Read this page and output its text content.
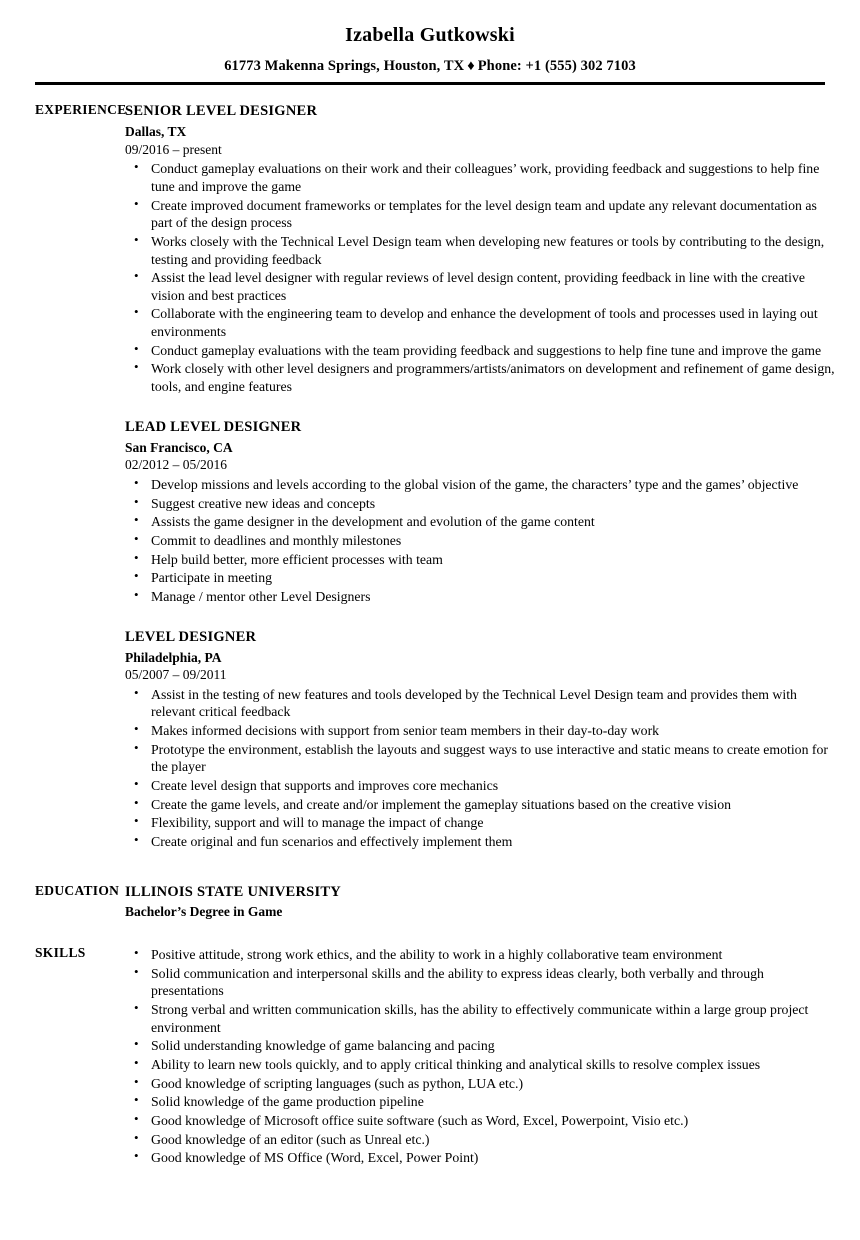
Izabella Gutkowski
61773 Makenna Springs, Houston, TX ♦ Phone: +1 (555) 302 7103
EXPERIENCE
SENIOR LEVEL DESIGNER
Dallas, TX
09/2016 – present
• Conduct gameplay evaluations on their work and their colleagues’ work, providing feedback and suggestions to help fine tune and improve the game
• Create improved document frameworks or templates for the level design team and update any relevant documentation as part of the design process
• Works closely with the Technical Level Design team when developing new features or tools by contributing to the design, testing and providing feedback
• Assist the lead level designer with regular reviews of level design content, providing feedback in line with the creative vision and best practices
• Collaborate with the engineering team to develop and enhance the development of tools and processes used in laying out environments
• Conduct gameplay evaluations with the team providing feedback and suggestions to help fine tune and improve the game
• Work closely with other level designers and programmers/artists/animators on development and refinement of game design, tools, and engine features
LEAD LEVEL DESIGNER
San Francisco, CA
02/2012 – 05/2016
• Develop missions and levels according to the global vision of the game, the characters’ type and the games’ objective
• Suggest creative new ideas and concepts
• Assists the game designer in the development and evolution of the game content
• Commit to deadlines and monthly milestones
• Help build better, more efficient processes with team
• Participate in meeting
• Manage / mentor other Level Designers
LEVEL DESIGNER
Philadelphia, PA
05/2007 – 09/2011
• Assist in the testing of new features and tools developed by the Technical Level Design team and provides them with relevant critical feedback
• Makes informed decisions with support from senior team members in their day-to-day work
• Prototype the environment, establish the layouts and suggest ways to use interactive and static means to create emotion for the player
• Create level design that supports and improves core mechanics
• Create the game levels, and create and/or implement the gameplay situations based on the creative vision
• Flexibility, support and will to manage the impact of change
• Create original and fun scenarios and effectively implement them
EDUCATION ILLINOIS STATE UNIVERSITY
Bachelor’s Degree in Game
SKILLS	• Positive attitude, strong work ethics, and the ability to work in a highly collaborative team environment
• Solid communication and interpersonal skills and the ability to express ideas clearly, both verbally and through presentations
• Strong verbal and written communication skills, has the ability to effectively communicate within a large group project environment
• Solid understanding knowledge of game balancing and pacing
• Ability to learn new tools quickly, and to apply critical thinking and analytical skills to resolve complex issues
• Good knowledge of scripting languages (such as python, LUA etc.)
• Solid knowledge of the game production pipeline
• Good knowledge of Microsoft office suite software (such as Word, Excel, Powerpoint, Visio etc.)
• Good knowledge of an editor (such as Unreal etc.)
• Good knowledge of MS Office (Word, Excel, Power Point)
